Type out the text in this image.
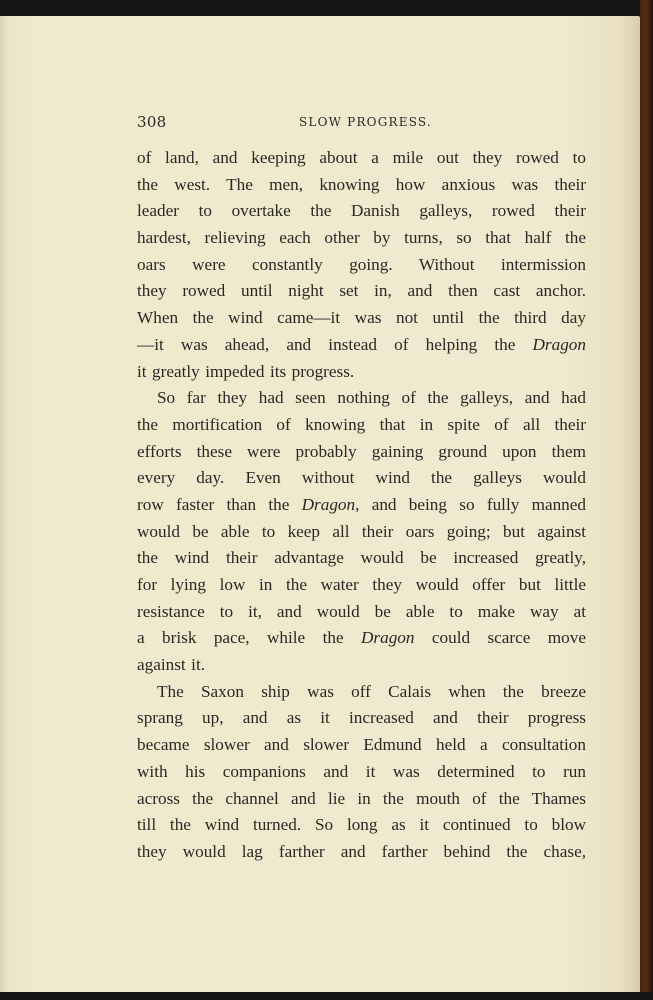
308	SLOW PROGRESS.
of land, and keeping about a mile out they rowed to
the west. The men, knowing how anxious was their
leader to overtake the Danish galleys, rowed their
hardest, relieving each other by turns, so that half the
oars were constantly going. Without intermission
they rowed until night set in, and then cast anchor.
When the wind came—it was not until the third day
—it was ahead, and instead of helping the Dragon
it greatly impeded its progress.
So far they had seen nothing of the galleys, and had
the mortification of knowing that in spite of all their
efforts these were probably gaining ground upon them
every day. Even without wind the galleys would
row faster than the Dragon, and being so fully manned
would be able to keep all their oars going; but against
the wind their advantage would be increased greatly,
for lying low in the water they would offer but little
resistance to it, and would be able to make way at
a brisk pace, while the Dragon could scarce move
against it.
The Saxon ship was off Calais when the breeze
sprang up, and as it increased and their progress
became slower and slower Edmund held a consultation
with his companions and it was determined to run
across the channel and lie in the mouth of the Thames
till the wind turned. So long as it continued to blow
they would lag farther and farther behind the chase,
